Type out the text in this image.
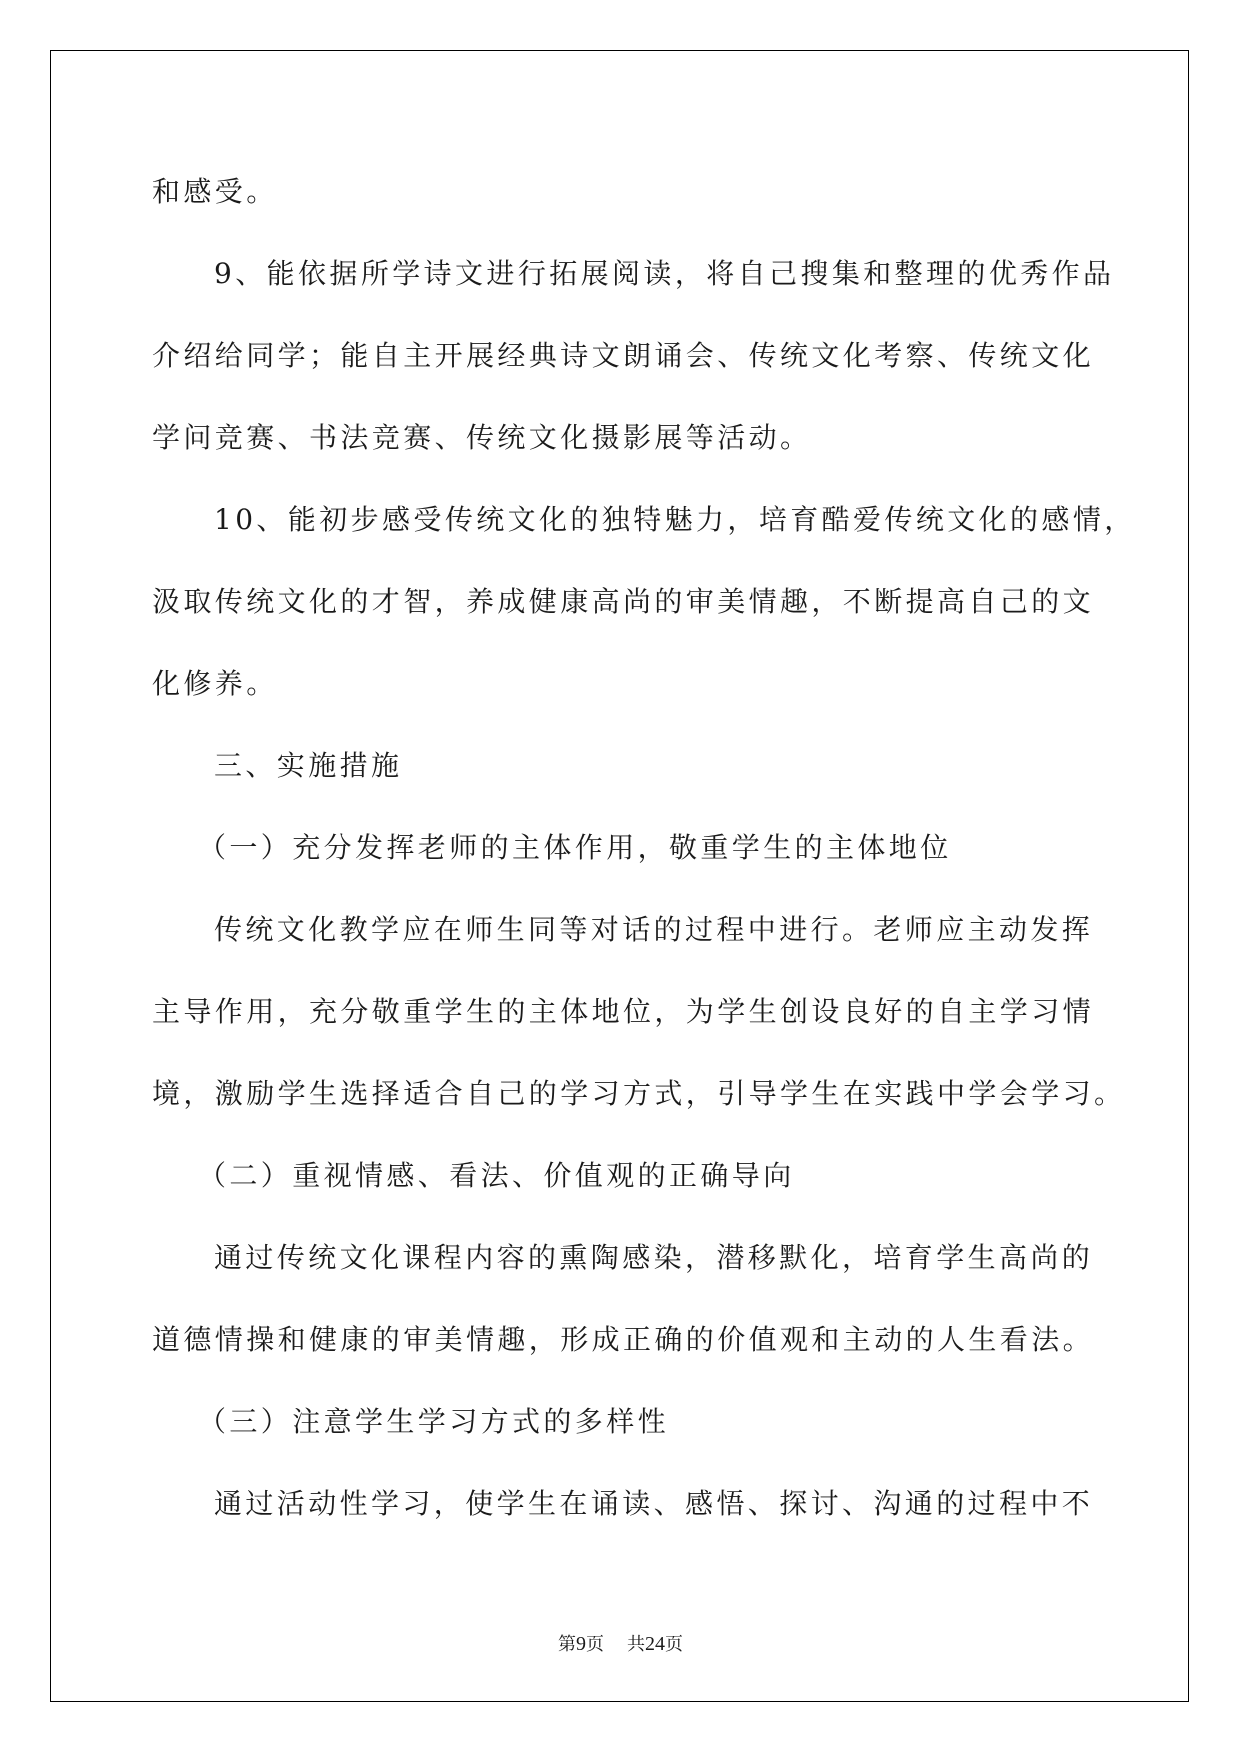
和感受。
9、能依据所学诗文进行拓展阅读，将自己搜集和整理的优秀作品
介绍给同学；能自主开展经典诗文朗诵会、传统文化考察、传统文化
学问竞赛、书法竞赛、传统文化摄影展等活动。
10、能初步感受传统文化的独特魅力，培育酷爱传统文化的感情，
汲取传统文化的才智，养成健康高尚的审美情趣，不断提高自己的文
化修养。
三、实施措施
（一）充分发挥老师的主体作用，敬重学生的主体地位
传统文化教学应在师生同等对话的过程中进行。老师应主动发挥
主导作用，充分敬重学生的主体地位，为学生创设良好的自主学习情
境，激励学生选择适合自己的学习方式，引导学生在实践中学会学习。
（二）重视情感、看法、价值观的正确导向
通过传统文化课程内容的熏陶感染，潜移默化，培育学生高尚的
道德情操和健康的审美情趣，形成正确的价值观和主动的人生看法。
（三）注意学生学习方式的多样性
通过活动性学习，使学生在诵读、感悟、探讨、沟通的过程中不
第9页 共24页
